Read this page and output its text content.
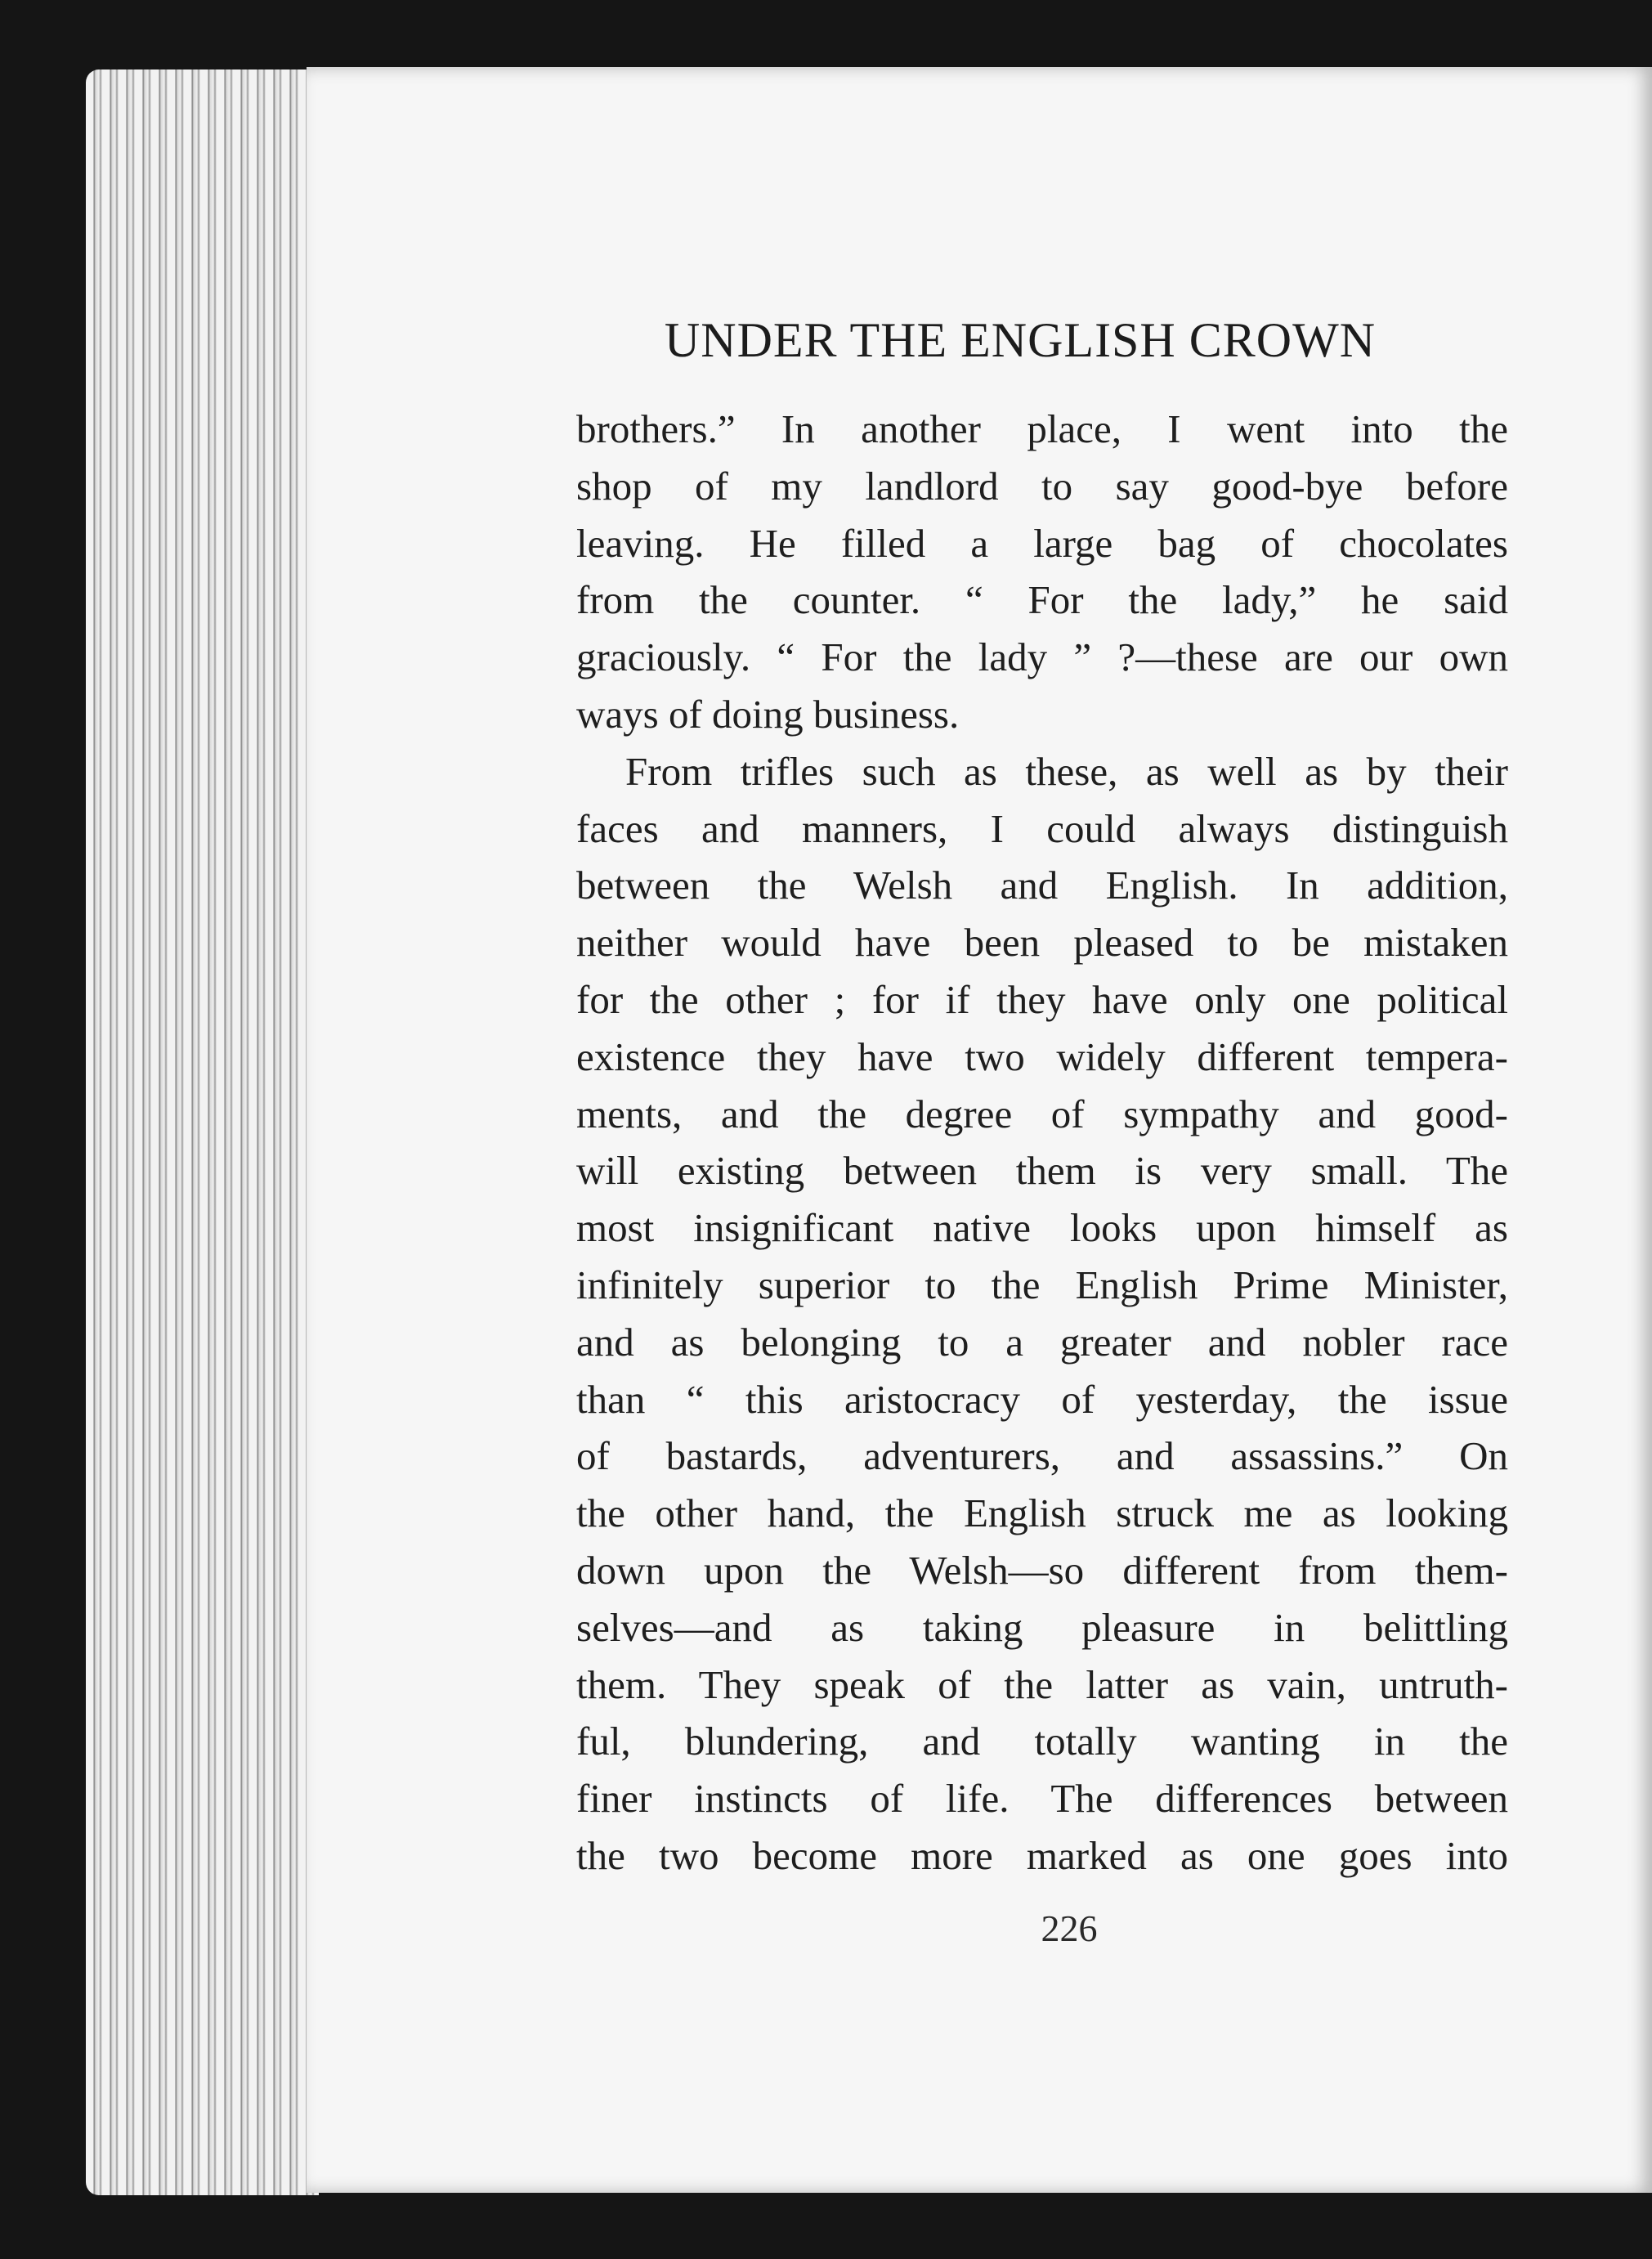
UNDER THE ENGLISH CROWN
brothers.” In another place, I went into the
shop of my landlord to say good-bye before
leaving. He filled a large bag of chocolates
from the counter. “ For the lady,” he said
graciously. “ For the lady ” ?—these are our own
ways of doing business.
From trifles such as these, as well as by their
faces and manners, I could always distinguish
between the Welsh and English. In addition,
neither would have been pleased to be mistaken
for the other ; for if they have only one political
existence they have two widely different tempera-
ments, and the degree of sympathy and good-
will existing between them is very small. The
most insignificant native looks upon himself as
infinitely superior to the English Prime Minister,
and as belonging to a greater and nobler race
than “ this aristocracy of yesterday, the issue
of bastards, adventurers, and assassins.” On
the other hand, the English struck me as looking
down upon the Welsh—so different from them-
selves—and as taking pleasure in belittling
them. They speak of the latter as vain, untruth-
ful, blundering, and totally wanting in the
finer instincts of life. The differences between
the two become more marked as one goes into
226
